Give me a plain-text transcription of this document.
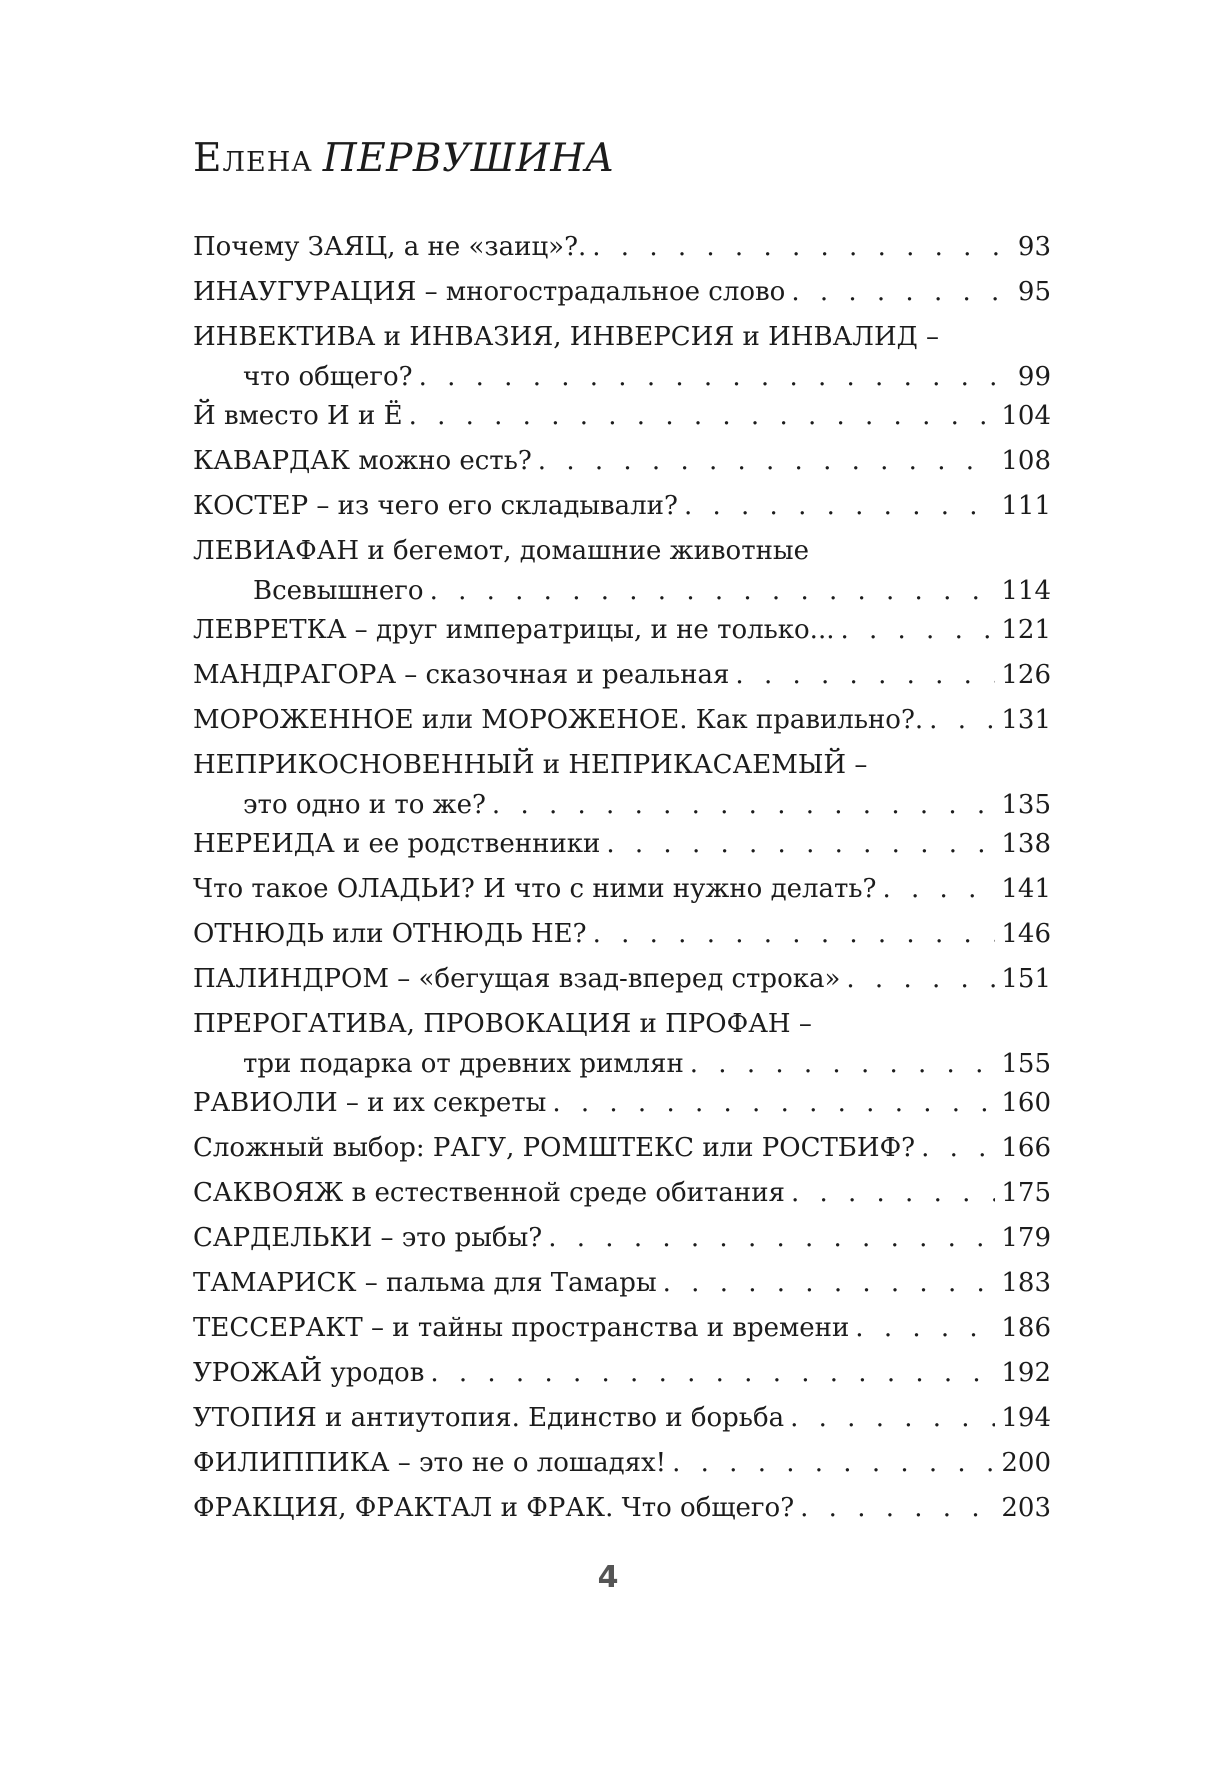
Елена ПЕРВУШИНА
Почему ЗАЯЦ, а не «заиц»?. . . .	93
ИНАУГУРАЦИЯ – многострадальное слово . . .	95
ИНВЕКТИВА и ИНВАЗИЯ, ИНВЕРСИЯ и ИНВАЛИД –
что общего? . . .	99
Й вместо И и Ё . . .	104
КАВАРДАК можно есть? . . .	108
КОСТЕР – из чего его складывали? . . .	111
ЛЕВИАФАН и бегемот, домашние животные
Всевышнего . . .	114
ЛЕВРЕТКА – друг императрицы, и не только... . . .	121
МАНДРАГОРА – сказочная и реальная . . .	126
МОРОЖЕННОЕ или МОРОЖЕНОЕ. Как правильно?. . . .	131
НЕПРИКОСНОВЕННЫЙ и НЕПРИКАСАЕМЫЙ –
это одно и то же? . . .	135
НЕРЕИДА и ее родственники . . .	138
Что такое ОЛАДЬИ? И что с ними нужно делать? . . .	141
ОТНЮДЬ или ОТНЮДЬ НЕ? . . .	146
ПАЛИНДРОМ – «бегущая взад-вперед строка» . . .	151
ПРЕРОГАТИВА, ПРОВОКАЦИЯ и ПРОФАН –
три подарка от древних римлян . . .	155
РАВИОЛИ – и их секреты . . .	160
Сложный выбор: РАГУ, РОМШТЕКС или РОСТБИФ? . . .	166
САКВОЯЖ в естественной среде обитания . . .	175
САРДЕЛЬКИ – это рыбы? . . .	179
ТАМАРИСК – пальма для Тамары . . .	183
ТЕССЕРАКТ – и тайны пространства и времени . . .	186
УРОЖАЙ уродов . . .	192
УТОПИЯ и антиутопия. Единство и борьба . . .	194
ФИЛИППИКА – это не о лошадях! . . .	200
ФРАКЦИЯ, ФРАКТАЛ и ФРАК. Что общего? . . .	203
4
